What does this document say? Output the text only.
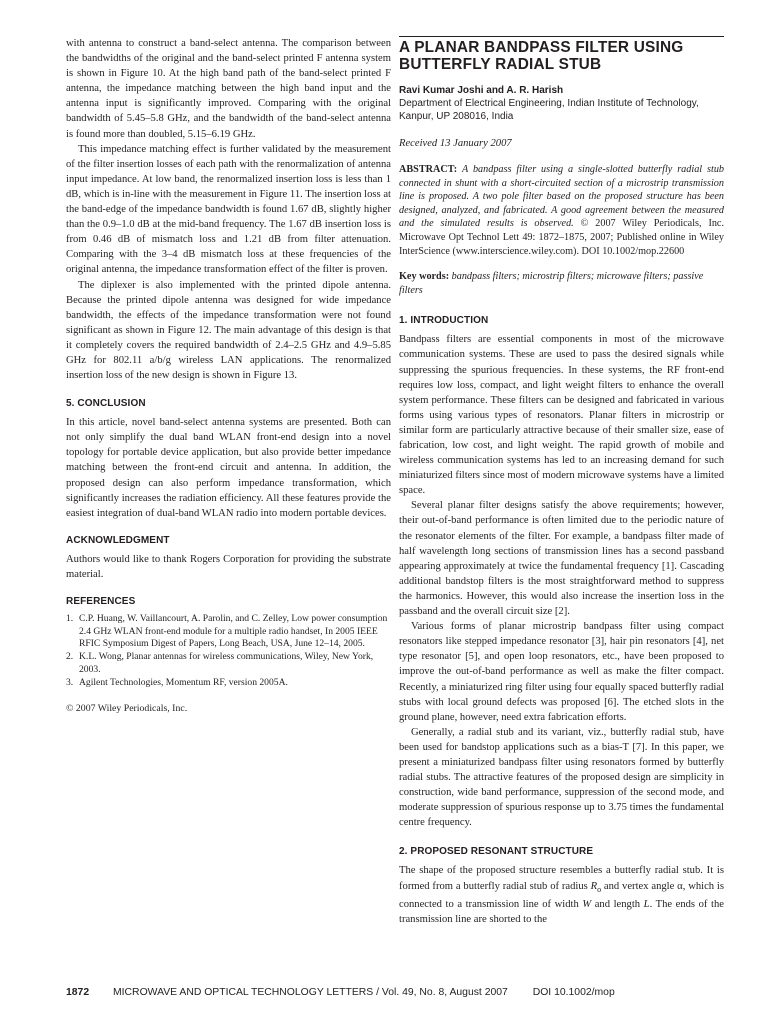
with antenna to construct a band-select antenna. The comparison between the bandwidths of the original and the band-select printed F antenna system is shown in Figure 10. At the high band path of the band-select printed F antenna, the impedance matching between the high band input and the antenna input is significantly improved. Comparing with the original bandwidth of 5.45–5.8 GHz, and the bandwidth of the band-select antenna is found more than doubled, 5.15–6.19 GHz.

This impedance matching effect is further validated by the measurement of the filter insertion losses of each path with the renormalization of antenna input impedance. At low band, the renormalized insertion loss is less than 1 dB, which is in-line with the measurement in Figure 11. The insertion loss at the band-edge of the impedance bandwidth is found 1.67 dB, slightly higher than the 0.9–1.0 dB at the mid-band frequency. The 1.67 dB insertion loss is from 0.46 dB of mismatch loss and 1.21 dB from filter attenuation. Comparing with the 3–4 dB mismatch loss at these frequencies of the original antenna, the impedance transformation effect of the filter is proven.

The diplexer is also implemented with the printed dipole antenna. Because the printed dipole antenna was designed for wide impedance bandwidth, the effects of the impedance transformation were not found significant as shown in Figure 12. The main advantage of this design is that it completely covers the required bandwidth of 2.4–2.5 GHz and 4.9–5.85 GHz for 802.11 a/b/g wireless LAN applications. The renormalized insertion loss of the new design is shown in Figure 13.

5. CONCLUSION

In this article, novel band-select antenna systems are presented. Both can not only simplify the dual band WLAN front-end design into a novel topology for portable device application, but also provide better impedance matching between the front-end circuit and antenna. In addition, the proposed design can also perform impedance transformation, which significantly increases the radiation efficiency. All these features provide the easiest integration of dual-band WLAN radio into modern portable devices.

ACKNOWLEDGMENT

Authors would like to thank Rogers Corporation for providing the substrate material.

REFERENCES
1. C.P. Huang, W. Vaillancourt, A. Parolin, and C. Zelley, Low power consumption 2.4 GHz WLAN front-end module for a multiple radio handset, In 2005 IEEE RFIC Symposium Digest of Papers, Long Beach, USA, June 12–14, 2005.
2. K.L. Wong, Planar antennas for wireless communications, Wiley, New York, 2003.
3. Agilent Technologies, Momentum RF, version 2005A.

© 2007 Wiley Periodicals, Inc.

A PLANAR BANDPASS FILTER USING BUTTERFLY RADIAL STUB

Ravi Kumar Joshi and A. R. Harish

Department of Electrical Engineering, Indian Institute of Technology, Kanpur, UP 208016, India

Received 13 January 2007

ABSTRACT: A bandpass filter using a single-slotted butterfly radial stub connected in shunt with a short-circuited section of a microstrip transmission line is proposed. A two pole filter based on the proposed structure has been designed, analyzed, and fabricated. A good agreement between the measured and the simulated results is observed. © 2007 Wiley Periodicals, Inc. Microwave Opt Technol Lett 49: 1872–1875, 2007; Published online in Wiley InterScience (www.interscience.wiley.com). DOI 10.1002/mop.22600

Key words: bandpass filters; microstrip filters; microwave filters; passive filters

1. INTRODUCTION

Bandpass filters are essential components in most of the microwave communication systems. These are used to pass the desired signals while suppressing the spurious frequencies. In these systems, the RF front-end requires low loss, compact, and light weight filters to enhance the overall system performance. These filters can be designed and fabricated in various forms using various types of resonators. Planar filters in microstrip or similar form are particularly attractive because of their smaller size, ease of fabrication, low cost, and light weight. The rapid growth of mobile and wireless communication systems has led to an increasing demand for such miniaturized filters since most of modern microwave systems have a limited space.

Several planar filter designs satisfy the above requirements; however, their out-of-band performance is often limited due to the periodic nature of the resonator elements of the filter. For example, a bandpass filter made of half wavelength long sections of transmission lines has a second passband appearing approximately at twice the fundamental frequency [1]. Cascading additional bandstop filters is the most straightforward method to suppress the harmonics. However, this would also increase the insertion loss in the passband and the overall circuit size [2].

Various forms of planar microstrip bandpass filter using compact resonators like stepped impedance resonator [3], hair pin resonators [4], net type resonator [5], and open loop resonators, etc., have been proposed to improve the out-of-band performance as well as make the filter compact. Recently, a miniaturized ring filter using four equally spaced butterfly radial stubs with local ground defects was proposed [6]. The etched slots in the ground plane, however, need extra fabrication efforts.

Generally, a radial stub and its variant, viz., butterfly radial stub, have been used for bandstop applications such as a bias-T [7]. In this paper, we present a miniaturized bandpass filter using resonators formed by butterfly radial stubs. The attractive features of the proposed design are simplicity in construction, wide band performance, suppression of the second mode, and moderate suppression of spurious response up to 3.75 times the fundamental centre frequency.

2. PROPOSED RESONANT STRUCTURE

The shape of the proposed structure resembles a butterfly radial stub. It is formed from a butterfly radial stub of radius $R_o$ and vertex angle α, which is connected to a transmission line of width W and length L. The ends of the transmission line are shorted to the

1872 MICROWAVE AND OPTICAL TECHNOLOGY LETTERS / Vol. 49, No. 8, August 2007 DOI 10.1002/mop
